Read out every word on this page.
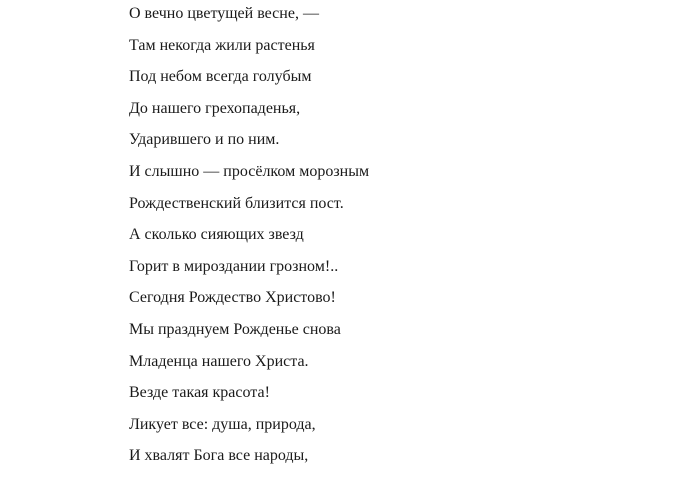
О вечно цветущей весне, —
Там некогда жили растенья
Под небом всегда голубым
До нашего грехопаденья,
Ударившего и по ним.
И слышно — просёлком морозным
Рождественский близится пост.
А сколько сияющих звезд
Горит в мироздании грозном!..
Сегодня Рождество Христово!
Мы празднуем Рожденье снова
Младенца нашего Христа.
Везде такая красота!
Ликует все: душа, природа,
И хвалят Бога все народы,
